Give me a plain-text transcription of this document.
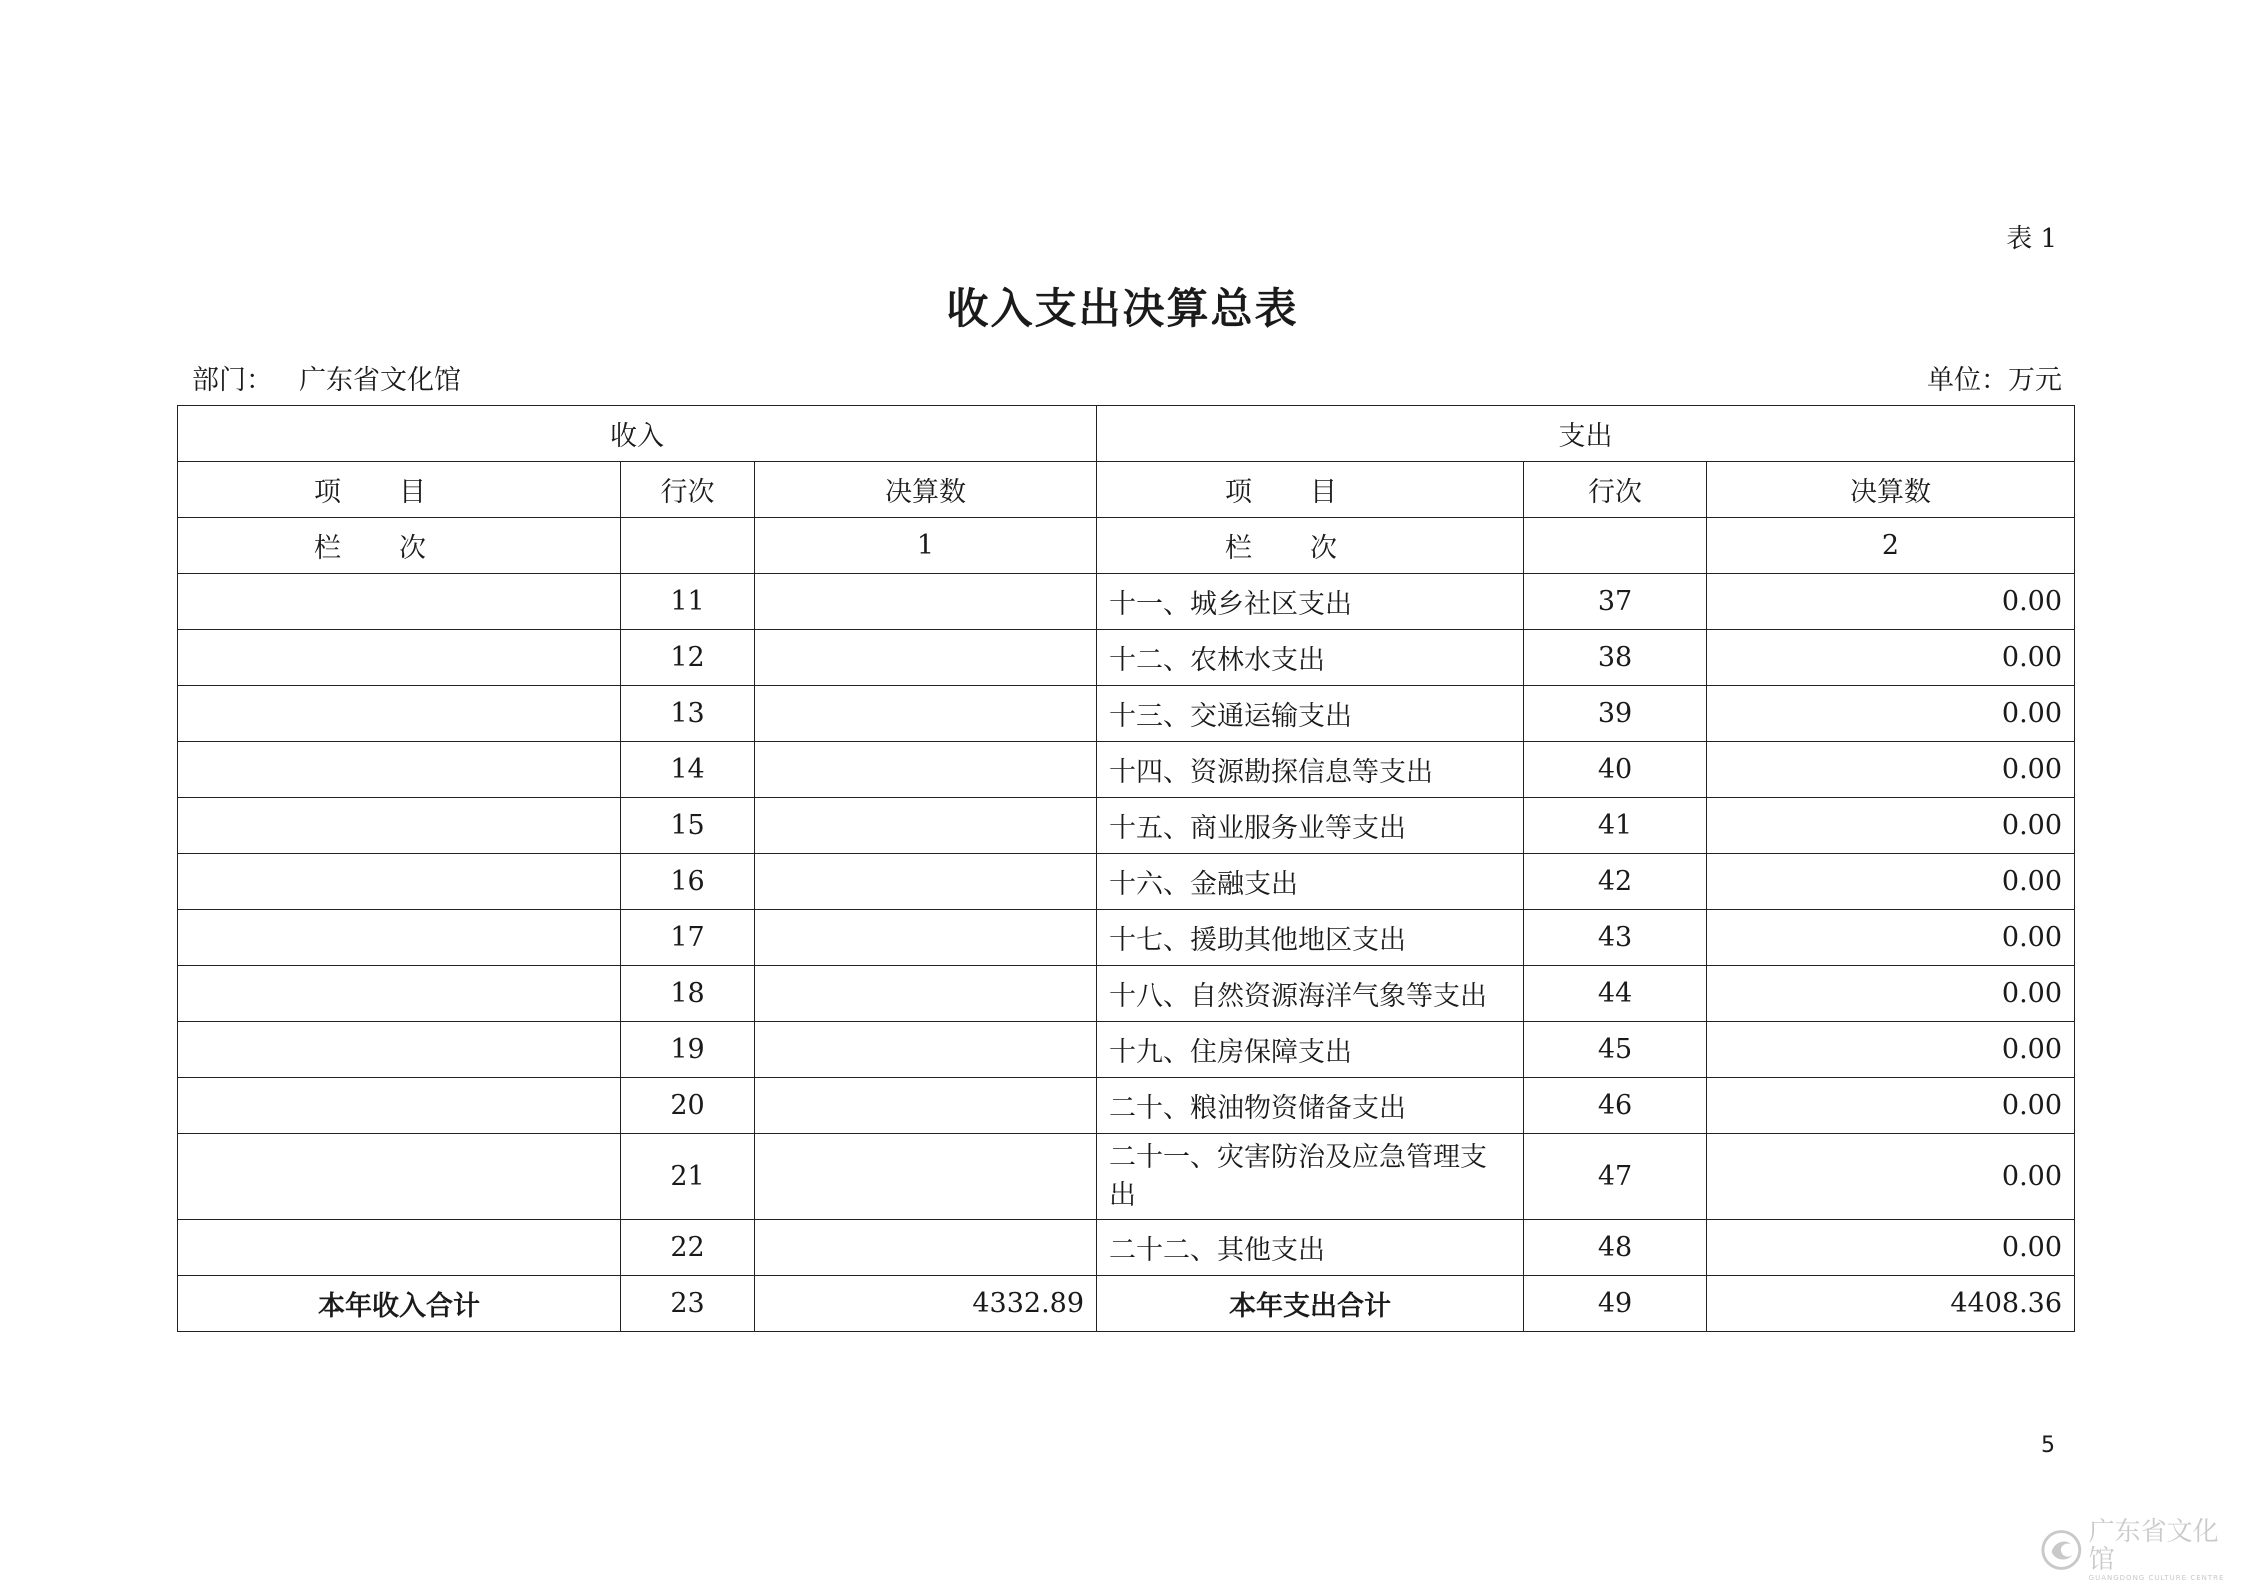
表 1
收入支出决算总表
部门： 广东省文化馆	单位：万元
收入			支出		
项目	行次	决算数	项目	行次	决算数
栏次		1	栏次		2
	11		十一、城乡社区支出	37	0.00
	12		十二、农林水支出	38	0.00
	13		十三、交通运输支出	39	0.00
	14		十四、资源勘探信息等支出	40	0.00
	15		十五、商业服务业等支出	41	0.00
	16		十六、金融支出	42	0.00
	17		十七、援助其他地区支出	43	0.00
	18		十八、自然资源海洋气象等支出	44	0.00
	19		十九、住房保障支出	45	0.00
	20		二十、粮油物资储备支出	46	0.00
	21		二十一、灾害防治及应急管理支出	47	0.00
	22		二十二、其他支出	48	0.00
本年收入合计	23	4332.89	本年支出合计	49	4408.36
5
广东省文化馆
GUANGDONG CULTURE CENTRE
